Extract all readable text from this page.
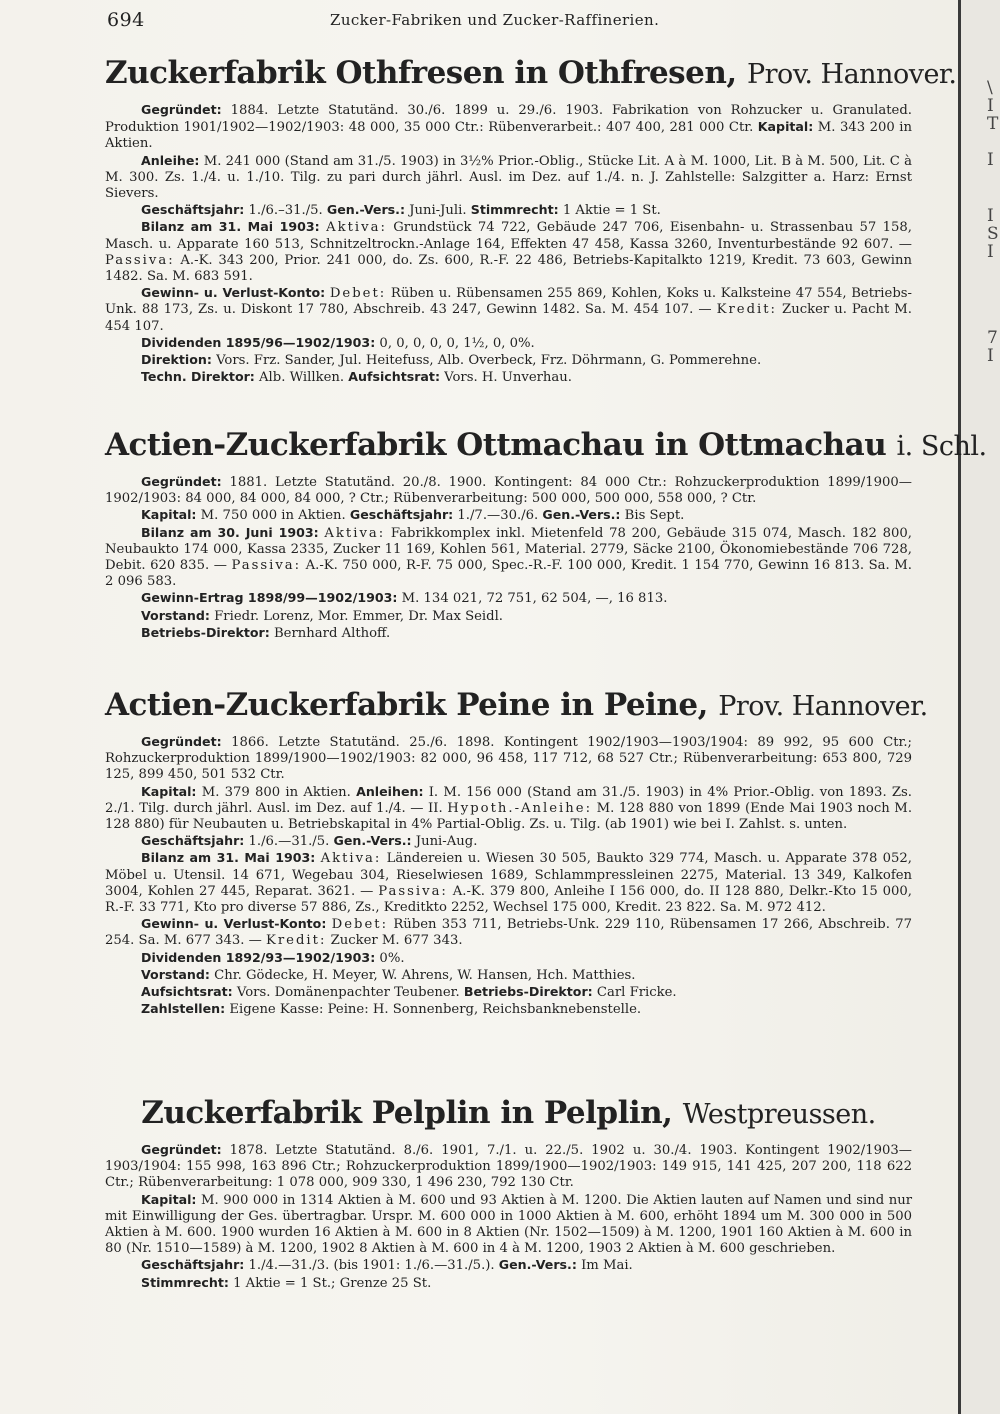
694	Zucker-Fabriken und Zucker-Raffinerien.
\
I
T
I
I
S
I
7
I
Zuckerfabrik Othfresen in Othfresen, Prov. Hannover.

Gegründet: 1884. Letzte Statutänd. 30./6. 1899 u. 29./6. 1903. Fabrikation von Rohzucker u. Granulated. Produktion 1901/1902—1902/1903: 48 000, 35 000 Ctr.: Rübenverarbeit.: 407 400, 281 000 Ctr. Kapital: M. 343 200 in Aktien.

Anleihe: M. 241 000 (Stand am 31./5. 1903) in 3½% Prior.-Oblig., Stücke Lit. A à M. 1000, Lit. B à M. 500, Lit. C à M. 300. Zs. 1./4. u. 1./10. Tilg. zu pari durch jährl. Ausl. im Dez. auf 1./4. n. J. Zahlstelle: Salzgitter a. Harz: Ernst Sievers.

Geschäftsjahr: 1./6.–31./5. Gen.-Vers.: Juni-Juli. Stimmrecht: 1 Aktie = 1 St.

Bilanz am 31. Mai 1903: Aktiva: Grundstück 74 722, Gebäude 247 706, Eisenbahn- u. Strassenbau 57 158, Masch. u. Apparate 160 513, Schnitzeltrockn.-Anlage 164, Effekten 47 458, Kassa 3260, Inventurbestände 92 607. — Passiva: A.-K. 343 200, Prior. 241 000, do. Zs. 600, R.-F. 22 486, Betriebs-Kapitalkto 1219, Kredit. 73 603, Gewinn 1482. Sa. M. 683 591.

Gewinn- u. Verlust-Konto: Debet: Rüben u. Rübensamen 255 869, Kohlen, Koks u. Kalksteine 47 554, Betriebs-Unk. 88 173, Zs. u. Diskont 17 780, Abschreib. 43 247, Gewinn 1482. Sa. M. 454 107. — Kredit: Zucker u. Pacht M. 454 107.

Dividenden 1895/96—1902/1903: 0, 0, 0, 0, 0, 1½, 0, 0%.

Direktion: Vors. Frz. Sander, Jul. Heitefuss, Alb. Overbeck, Frz. Döhrmann, G. Pommerehne.

Techn. Direktor: Alb. Willken. Aufsichtsrat: Vors. H. Unverhau.

Actien-Zuckerfabrik Ottmachau in Ottmachau i. Schl.

Gegründet: 1881. Letzte Statutänd. 20./8. 1900. Kontingent: 84 000 Ctr.: Rohzuckerproduktion 1899/1900—1902/1903: 84 000, 84 000, 84 000, ? Ctr.; Rübenverarbeitung: 500 000, 500 000, 558 000, ? Ctr.

Kapital: M. 750 000 in Aktien. Geschäftsjahr: 1./7.—30./6. Gen.-Vers.: Bis Sept.

Bilanz am 30. Juni 1903: Aktiva: Fabrikkomplex inkl. Mietenfeld 78 200, Gebäude 315 074, Masch. 182 800, Neubaukto 174 000, Kassa 2335, Zucker 11 169, Kohlen 561, Material. 2779, Säcke 2100, Ökonomiebestände 706 728, Debit. 620 835. — Passiva: A.-K. 750 000, R-F. 75 000, Spec.-R.-F. 100 000, Kredit. 1 154 770, Gewinn 16 813. Sa. M. 2 096 583.

Gewinn-Ertrag 1898/99—1902/1903: M. 134 021, 72 751, 62 504, —, 16 813.

Vorstand: Friedr. Lorenz, Mor. Emmer, Dr. Max Seidl.

Betriebs-Direktor: Bernhard Althoff.

Actien-Zuckerfabrik Peine in Peine, Prov. Hannover.

Gegründet: 1866. Letzte Statutänd. 25./6. 1898. Kontingent 1902/1903—1903/1904: 89 992, 95 600 Ctr.; Rohzuckerproduktion 1899/1900—1902/1903: 82 000, 96 458, 117 712, 68 527 Ctr.; Rübenverarbeitung: 653 800, 729 125, 899 450, 501 532 Ctr.

Kapital: M. 379 800 in Aktien. Anleihen: I. M. 156 000 (Stand am 31./5. 1903) in 4% Prior.-Oblig. von 1893. Zs. 2./1. Tilg. durch jährl. Ausl. im Dez. auf 1./4. — II. Hypoth.-Anleihe: M. 128 880 von 1899 (Ende Mai 1903 noch M. 128 880) für Neubauten u. Betriebskapital in 4% Partial-Oblig. Zs. u. Tilg. (ab 1901) wie bei I. Zahlst. s. unten.

Geschäftsjahr: 1./6.—31./5. Gen.-Vers.: Juni-Aug.

Bilanz am 31. Mai 1903: Aktiva: Ländereien u. Wiesen 30 505, Baukto 329 774, Masch. u. Apparate 378 052, Möbel u. Utensil. 14 671, Wegebau 304, Rieselwiesen 1689, Schlammpressleinen 2275, Material. 13 349, Kalkofen 3004, Kohlen 27 445, Reparat. 3621. — Passiva: A.-K. 379 800, Anleihe I 156 000, do. II 128 880, Delkr.-Kto 15 000, R.-F. 33 771, Kto pro diverse 57 886, Zs., Kreditkto 2252, Wechsel 175 000, Kredit. 23 822. Sa. M. 972 412.

Gewinn- u. Verlust-Konto: Debet: Rüben 353 711, Betriebs-Unk. 229 110, Rübensamen 17 266, Abschreib. 77 254. Sa. M. 677 343. — Kredit: Zucker M. 677 343.

Dividenden 1892/93—1902/1903: 0%.

Vorstand: Chr. Gödecke, H. Meyer, W. Ahrens, W. Hansen, Hch. Matthies.

Aufsichtsrat: Vors. Domänenpachter Teubener. Betriebs-Direktor: Carl Fricke.

Zahlstellen: Eigene Kasse: Peine: H. Sonnenberg, Reichsbanknebenstelle.

Zuckerfabrik Pelplin in Pelplin, Westpreussen.

Gegründet: 1878. Letzte Statutänd. 8./6. 1901, 7./1. u. 22./5. 1902 u. 30./4. 1903. Kontingent 1902/1903—1903/1904: 155 998, 163 896 Ctr.; Rohzuckerproduktion 1899/1900—1902/1903: 149 915, 141 425, 207 200, 118 622 Ctr.; Rübenverarbeitung: 1 078 000, 909 330, 1 496 230, 792 130 Ctr.

Kapital: M. 900 000 in 1314 Aktien à M. 600 und 93 Aktien à M. 1200. Die Aktien lauten auf Namen und sind nur mit Einwilligung der Ges. übertragbar. Urspr. M. 600 000 in 1000 Aktien à M. 600, erhöht 1894 um M. 300 000 in 500 Aktien à M. 600. 1900 wurden 16 Aktien à M. 600 in 8 Aktien (Nr. 1502—1509) à M. 1200, 1901 160 Aktien à M. 600 in 80 (Nr. 1510—1589) à M. 1200, 1902 8 Aktien à M. 600 in 4 à M. 1200, 1903 2 Aktien à M. 600 geschrieben.

Geschäftsjahr: 1./4.—31./3. (bis 1901: 1./6.—31./5.). Gen.-Vers.: Im Mai.

Stimmrecht: 1 Aktie = 1 St.; Grenze 25 St.
